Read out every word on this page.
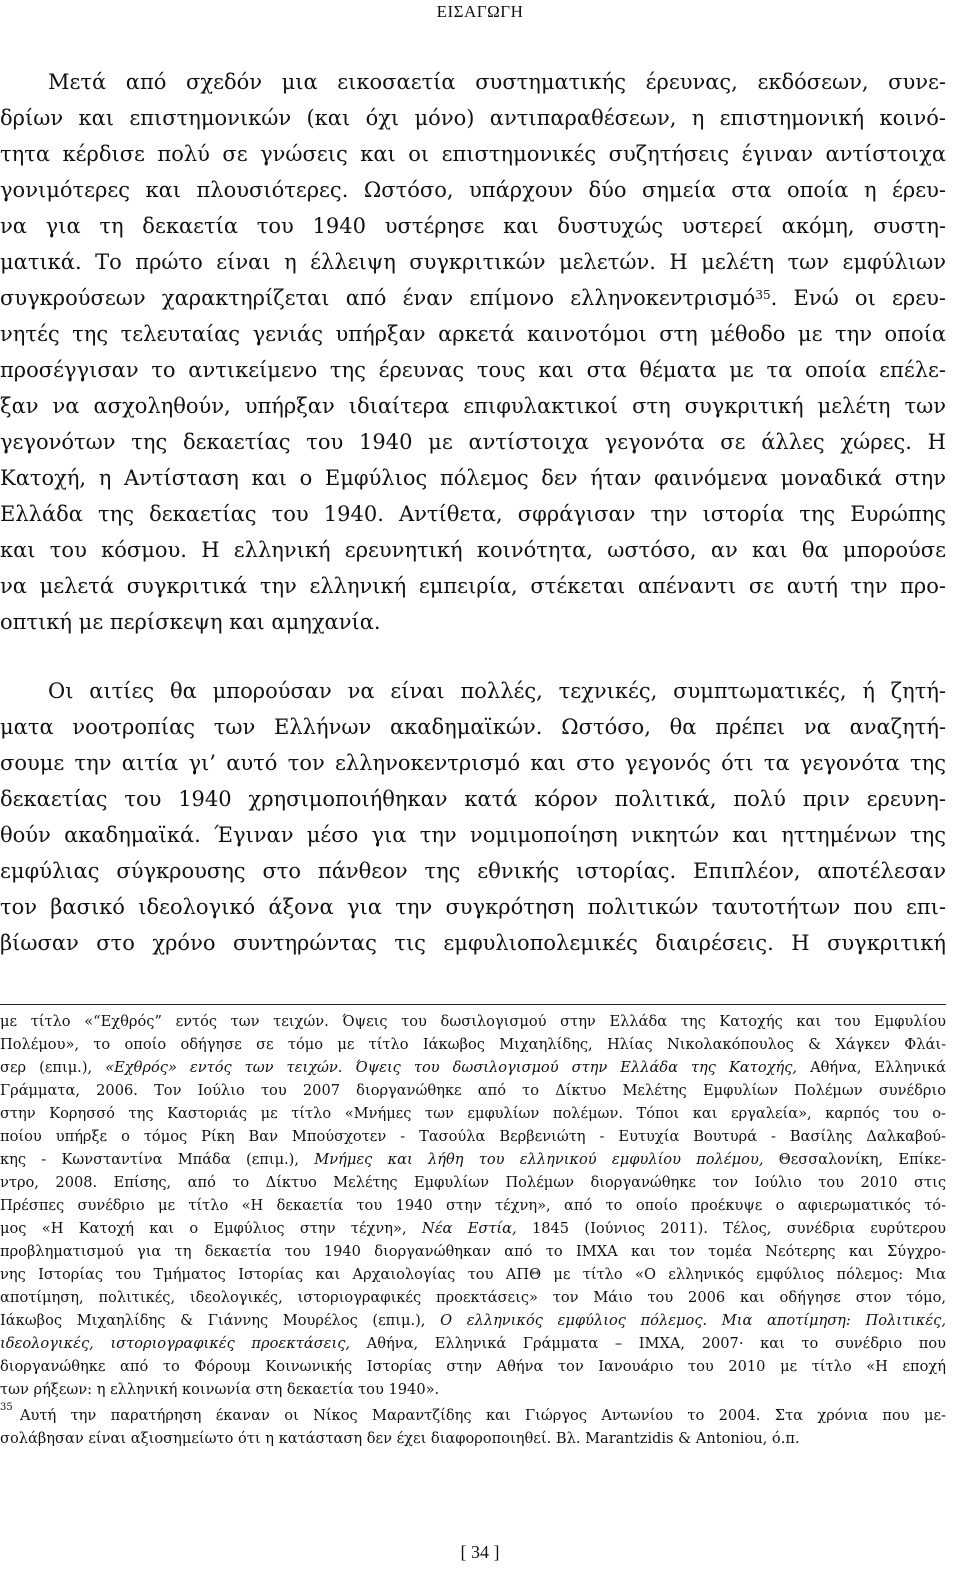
ΕΙΣΑΓΩΓΗ
Μετά από σχεδόν μια εικοσαετία συστηματικής έρευνας, εκδόσεων, συνε-
δρίων και επιστημονικών (και όχι μόνο) αντιπαραθέσεων, η επιστημονική κοινό-
τητα κέρδισε πολύ σε γνώσεις και οι επιστημονικές συζητήσεις έγιναν αντίστοιχα
γονιμότερες και πλουσιότερες. Ωστόσο, υπάρχουν δύο σημεία στα οποία η έρευ-
να για τη δεκαετία του 1940 υστέρησε και δυστυχώς υστερεί ακόμη, συστη-
ματικά. Το πρώτο είναι η έλλειψη συγκριτικών μελετών. Η μελέτη των εμφύλιων
συγκρούσεων χαρακτηρίζεται από έναν επίμονο ελληνοκεντρισμό$^{35}$. Ενώ οι ερευ-
νητές της τελευταίας γενιάς υπήρξαν αρκετά καινοτόμοι στη μέθοδο με την οποία
προσέγγισαν το αντικείμενο της έρευνας τους και στα θέματα με τα οποία επέλε-
ξαν να ασχοληθούν, υπήρξαν ιδιαίτερα επιφυλακτικοί στη συγκριτική μελέτη των
γεγονότων της δεκαετίας του 1940 με αντίστοιχα γεγονότα σε άλλες χώρες. Η
Κατοχή, η Αντίσταση και ο Εμφύλιος πόλεμος δεν ήταν φαινόμενα μοναδικά στην
Ελλάδα της δεκαετίας του 1940. Αντίθετα, σφράγισαν την ιστορία της Ευρώπης
και του κόσμου. Η ελληνική ερευνητική κοινότητα, ωστόσο, αν και θα μπορούσε
να μελετά συγκριτικά την ελληνική εμπειρία, στέκεται απέναντι σε αυτή την προ-
οπτική με περίσκεψη και αμηχανία.
Οι αιτίες θα μπορούσαν να είναι πολλές, τεχνικές, συμπτωματικές, ή ζητή-
ματα νοοτροπίας των Ελλήνων ακαδημαϊκών. Ωστόσο, θα πρέπει να αναζητή-
σουμε την αιτία γι’ αυτό τον ελληνοκεντρισμό και στο γεγονός ότι τα γεγονότα της
δεκαετίας του 1940 χρησιμοποιήθηκαν κατά κόρον πολιτικά, πολύ πριν ερευνη-
θούν ακαδημαϊκά. Έγιναν μέσο για την νομιμοποίηση νικητών και ηττημένων της
εμφύλιας σύγκρουσης στο πάνθεον της εθνικής ιστορίας. Επιπλέον, αποτέλεσαν
τον βασικό ιδεολογικό άξονα για την συγκρότηση πολιτικών ταυτοτήτων που επι-
βίωσαν στο χρόνο συντηρώντας τις εμφυλιοπολεμικές διαιρέσεις. Η συγκριτική
με τίτλο «“Εχθρός” εντός των τειχών. Όψεις του δωσιλογισμού στην Ελλάδα της Κατοχής και του Εμφυλίου
Πολέμου», το οποίο οδήγησε σε τόμο με τίτλο Ιάκωβος Μιχαηλίδης, Ηλίας Νικολακόπουλος & Χάγκεν Φλάι-
σερ (επιμ.), «Εχθρός» εντός των τειχών. Όψεις του δωσιλογισμού στην Ελλάδα της Κατοχής, Αθήνα, Ελληνικά
Γράμματα, 2006. Τον Ιούλιο του 2007 διοργανώθηκε από το Δίκτυο Μελέτης Εμφυλίων Πολέμων συνέδριο
στην Κορησσό της Καστοριάς με τίτλο «Μνήμες των εμφυλίων πολέμων. Τόποι και εργαλεία», καρπός του ο-
ποίου υπήρξε ο τόμος Ρίκη Βαν Μπούσχοτεν - Τασούλα Βερβενιώτη - Ευτυχία Βουτυρά - Βασίλης Δαλκαβού-
κης - Κωνσταντίνα Μπάδα (επιμ.), Μνήμες και λήθη του ελληνικού εμφυλίου πολέμου, Θεσσαλονίκη, Επίκε-
ντρο, 2008. Επίσης, από το Δίκτυο Μελέτης Εμφυλίων Πολέμων διοργανώθηκε τον Ιούλιο του 2010 στις
Πρέσπες συνέδριο με τίτλο «Η δεκαετία του 1940 στην τέχνη», από το οποίο προέκυψε ο αφιερωματικός τό-
μος «Η Κατοχή και ο Εμφύλιος στην τέχνη», Νέα Εστία, 1845 (Ιούνιος 2011). Τέλος, συνέδρια ευρύτερου
προβληματισμού για τη δεκαετία του 1940 διοργανώθηκαν από το ΙΜΧΑ και τον τομέα Νεότερης και Σύγχρο-
νης Ιστορίας του Τμήματος Ιστορίας και Αρχαιολογίας του ΑΠΘ με τίτλο «Ο ελληνικός εμφύλιος πόλεμος: Μια
αποτίμηση, πολιτικές, ιδεολογικές, ιστοριογραφικές προεκτάσεις» τον Μάιο του 2006 και οδήγησε στον τόμο,
Ιάκωβος Μιχαηλίδης & Γιάννης Μουρέλος (επιμ.), Ο ελληνικός εμφύλιος πόλεμος. Μια αποτίμηση: Πολιτικές,
ιδεολογικές, ιστοριογραφικές προεκτάσεις, Αθήνα, Ελληνικά Γράμματα – ΙΜΧΑ, 2007· και το συνέδριο που
διοργανώθηκε από το Φόρουμ Κοινωνικής Ιστορίας στην Αθήνα τον Ιανουάριο του 2010 με τίτλο «Η εποχή
των ρήξεων: η ελληνική κοινωνία στη δεκαετία του 1940».
35 Αυτή την παρατήρηση έκαναν οι Νίκος Μαραντζίδης και Γιώργος Αντωνίου το 2004. Στα χρόνια που με-
σολάβησαν είναι αξιοσημείωτο ότι η κατάσταση δεν έχει διαφοροποιηθεί. Βλ. Marantzidis & Antoniou, ό.π.
[ 34 ]
